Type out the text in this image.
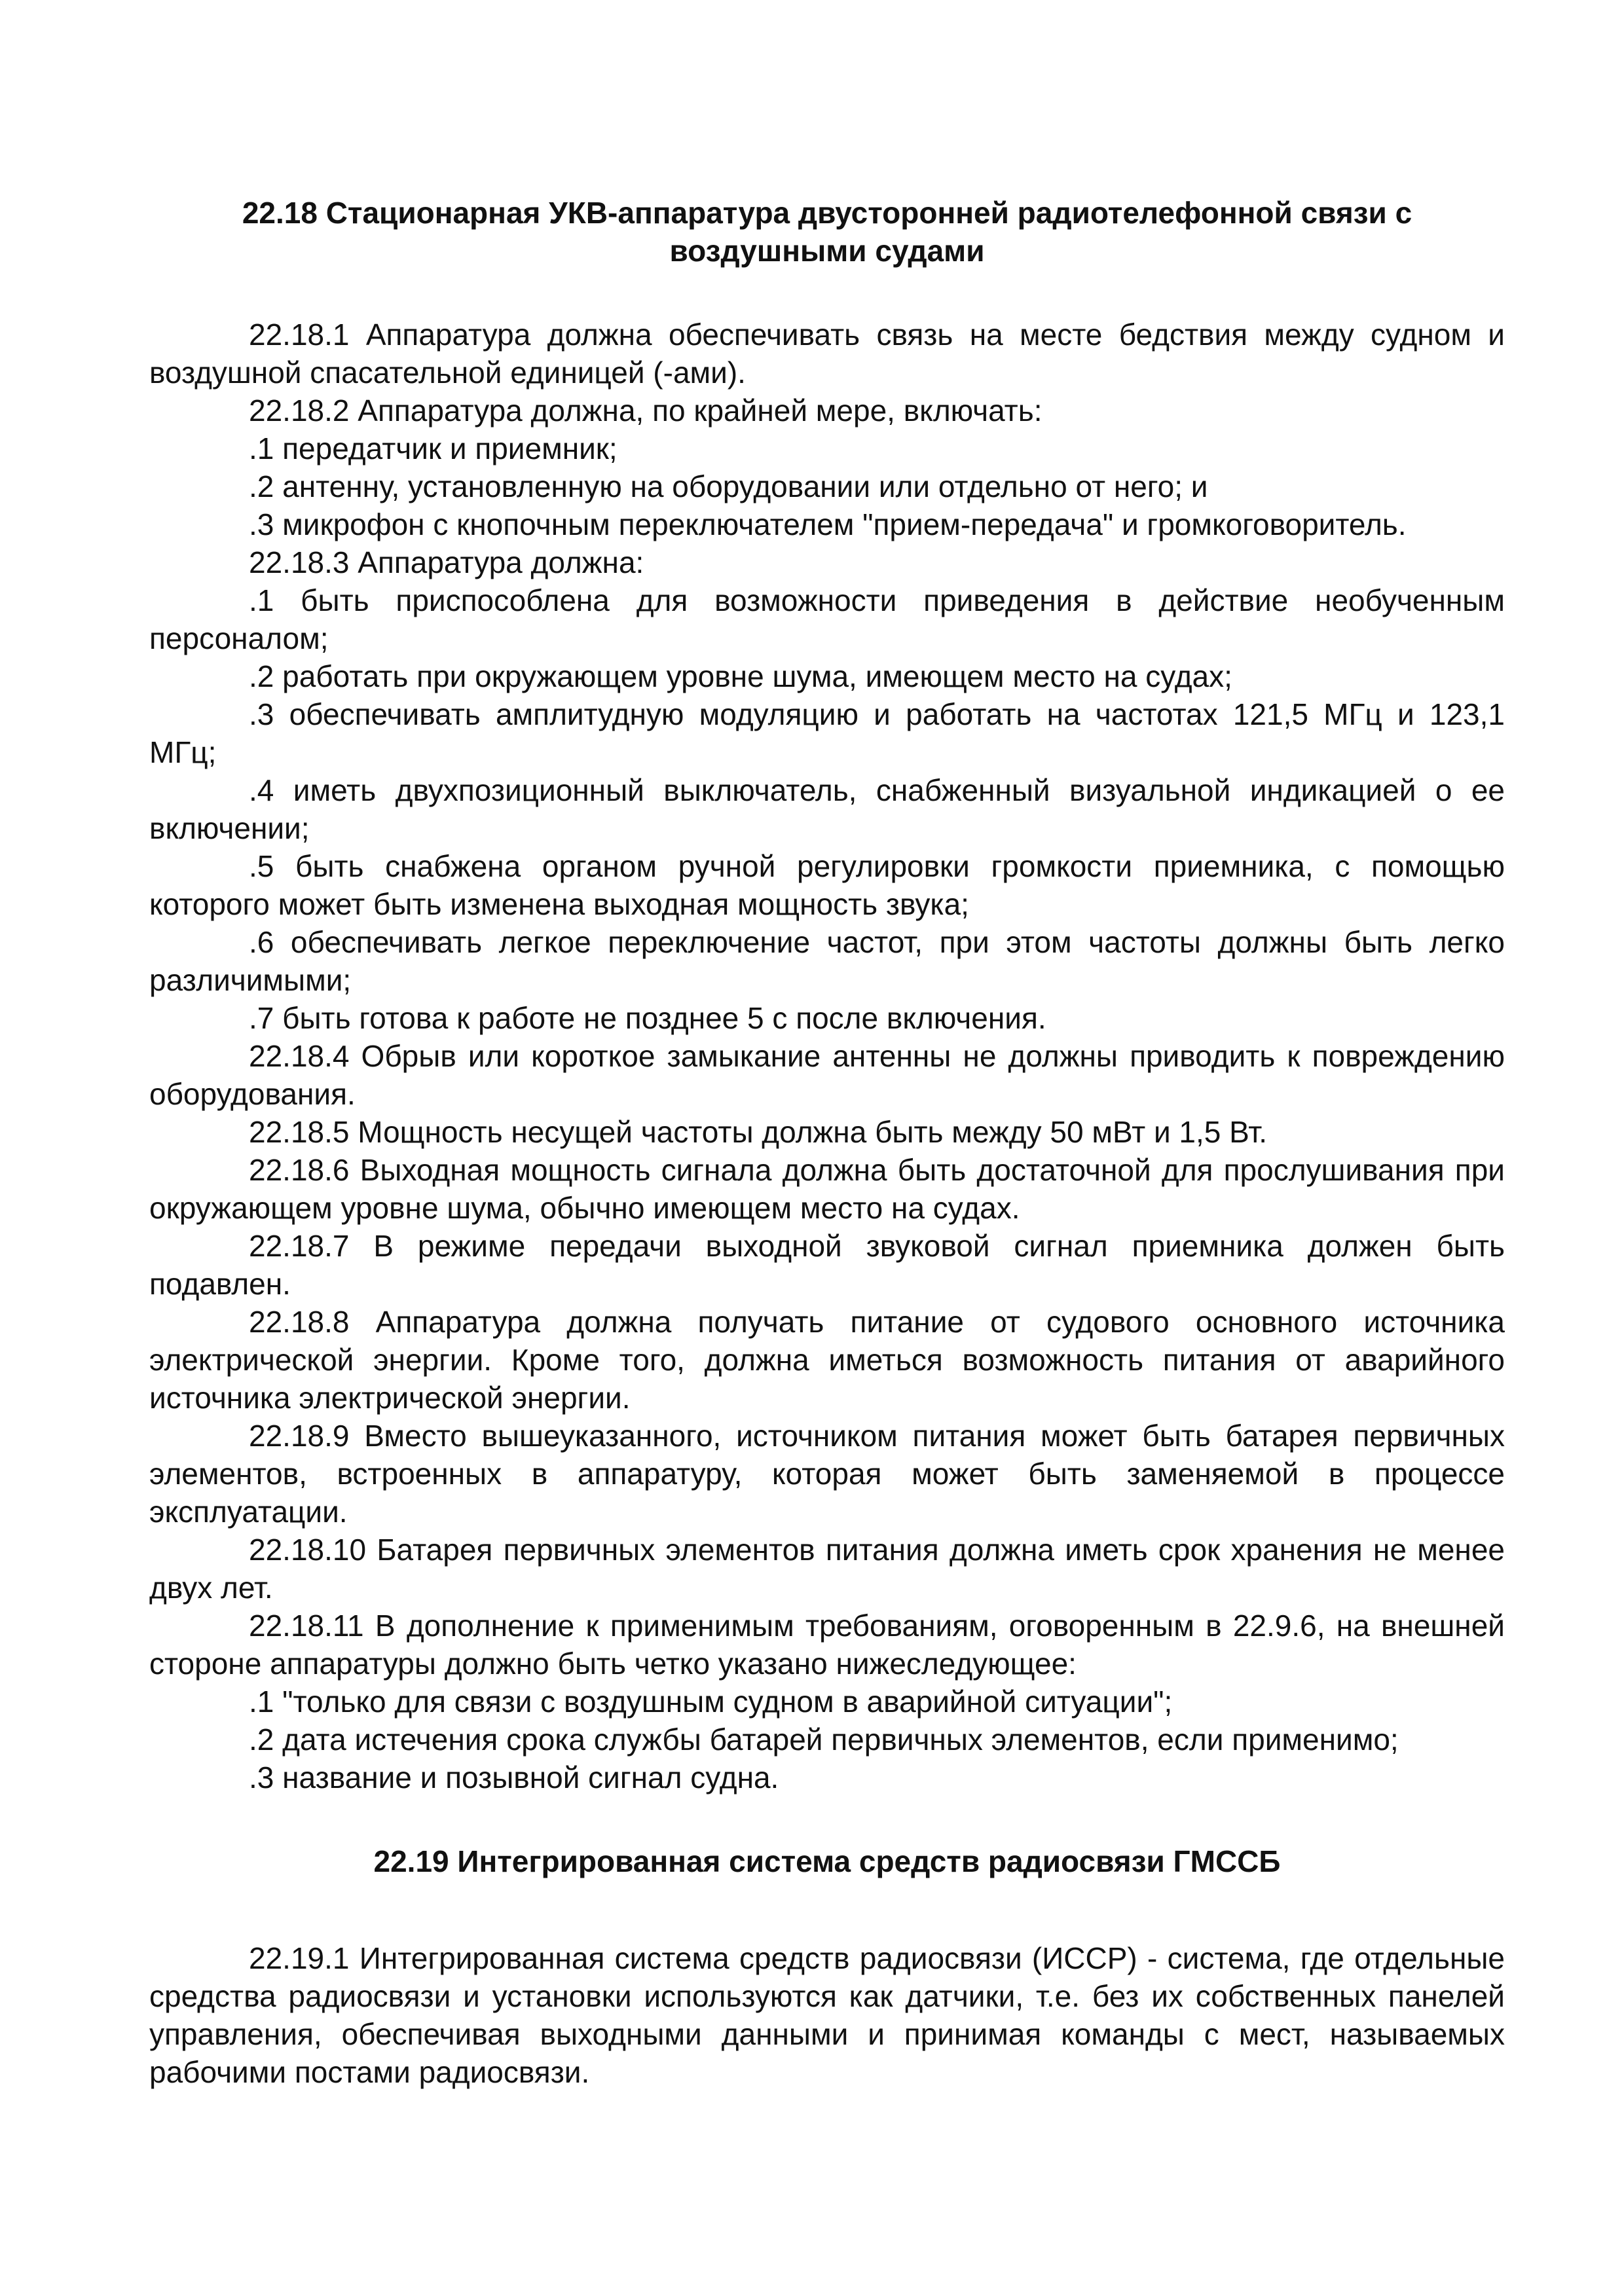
22.18 Стационарная УКВ-аппаратура двусторонней радиотелефонной связи с воздушными судами

22.18.1 Аппаратура должна обеспечивать связь на месте бедствия между судном и воздушной спасательной единицей (-ами).

22.18.2 Аппаратура должна, по крайней мере, включать:

.1 передатчик и приемник;

.2 антенну, установленную на оборудовании или отдельно от него; и

.3 микрофон с кнопочным переключателем "прием-передача" и громкоговоритель.

22.18.3 Аппаратура должна:

.1 быть приспособлена для возможности приведения в действие необученным персоналом;

.2 работать при окружающем уровне шума, имеющем место на судах;

.3 обеспечивать амплитудную модуляцию и работать на частотах 121,5 МГц и 123,1 МГц;

.4 иметь двухпозиционный выключатель, снабженный визуальной индикацией о ее включении;

.5 быть снабжена органом ручной регулировки громкости приемника, с помощью которого может быть изменена выходная мощность звука;

.6 обеспечивать легкое переключение частот, при этом частоты должны быть легко различимыми;

.7 быть готова к работе не позднее 5 с после включения.

22.18.4 Обрыв или короткое замыкание антенны не должны приводить к повреждению оборудования.

22.18.5 Мощность несущей частоты должна быть между 50 мВт и 1,5 Вт.

22.18.6 Выходная мощность сигнала должна быть достаточной для прослушивания при окружающем уровне шума, обычно имеющем место на судах.

22.18.7 В режиме передачи выходной звуковой сигнал приемника должен быть подавлен.

22.18.8 Аппаратура должна получать питание от судового основного источника электрической энергии. Кроме того, должна иметься возможность питания от аварийного источника электрической энергии.

22.18.9 Вместо вышеуказанного, источником питания может быть батарея первичных элементов, встроенных в аппаратуру, которая может быть заменяемой в процессе эксплуатации.

22.18.10 Батарея первичных элементов питания должна иметь срок хранения не менее двух лет.

22.18.11 В дополнение к применимым требованиям, оговоренным в 22.9.6, на внешней стороне аппаратуры должно быть четко указано нижеследующее:

.1 "только для связи с воздушным судном в аварийной ситуации";

.2 дата истечения срока службы батарей первичных элементов, если применимо;

.3 название и позывной сигнал судна.

22.19 Интегрированная система средств радиосвязи ГМССБ

22.19.1 Интегрированная система средств радиосвязи (ИССР) - система, где отдельные средства радиосвязи и установки используются как датчики, т.е. без их собственных панелей управления, обеспечивая выходными данными и принимая команды с мест, называемых рабочими постами радиосвязи.
